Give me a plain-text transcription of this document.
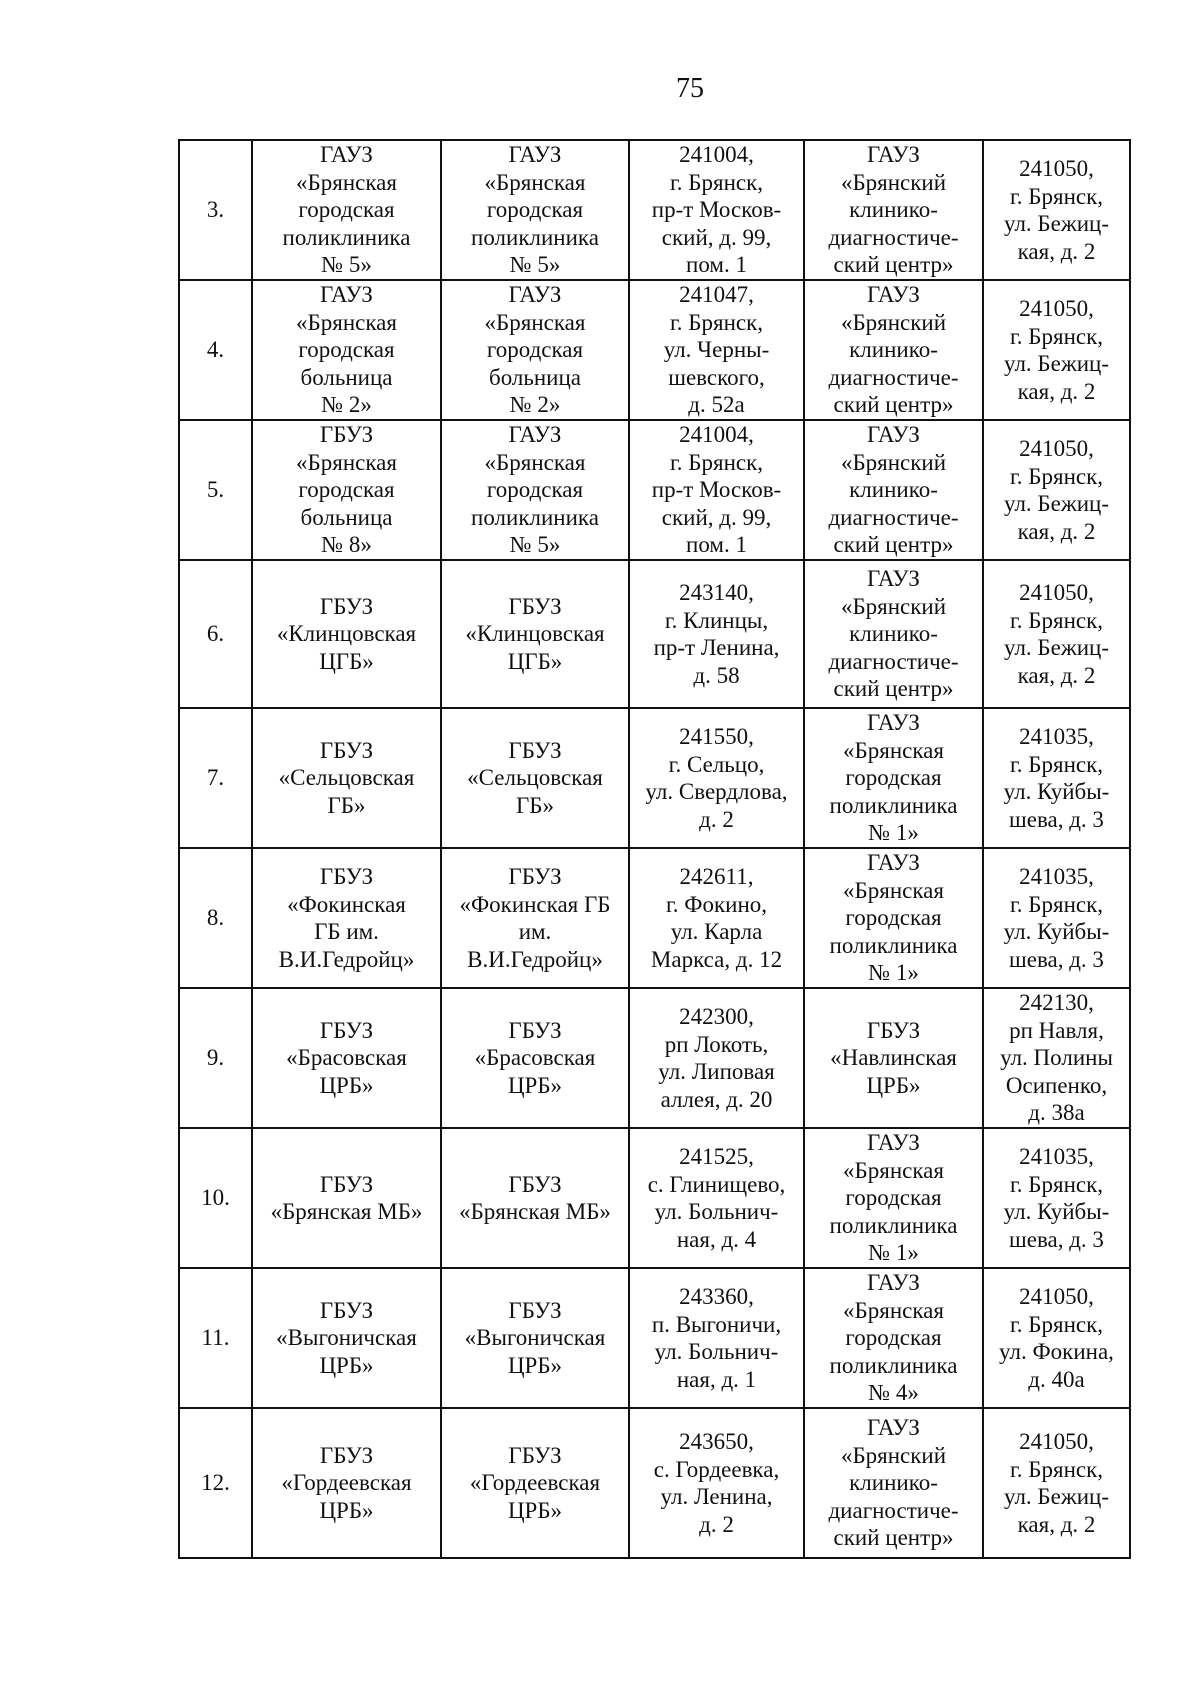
75
3.	ГАУЗ
«Брянская
городская
поликлиника
№ 5»	ГАУЗ
«Брянская
городская
поликлиника
№ 5»	241004,
г. Брянск,
пр-т Москов-
ский, д. 99,
пом. 1	ГАУЗ
«Брянский
клинико-
диагностиче-
ский центр»	241050,
г. Брянск,
ул. Бежиц-
кая, д. 2
4.	ГАУЗ
«Брянская
городская
больница
№ 2»	ГАУЗ
«Брянская
городская
больница
№ 2»	241047,
г. Брянск,
ул. Черны-
шевского,
д. 52а	ГАУЗ
«Брянский
клинико-
диагностиче-
ский центр»	241050,
г. Брянск,
ул. Бежиц-
кая, д. 2
5.	ГБУЗ
«Брянская
городская
больница
№ 8»	ГАУЗ
«Брянская
городская
поликлиника
№ 5»	241004,
г. Брянск,
пр-т Москов-
ский, д. 99,
пом. 1	ГАУЗ
«Брянский
клинико-
диагностиче-
ский центр»	241050,
г. Брянск,
ул. Бежиц-
кая, д. 2
6.	ГБУЗ
«Клинцовская
ЦГБ»	ГБУЗ
«Клинцовская
ЦГБ»	243140,
г. Клинцы,
пр-т Ленина,
д. 58	ГАУЗ
«Брянский
клинико-
диагностиче-
ский центр»	241050,
г. Брянск,
ул. Бежиц-
кая, д. 2
7.	ГБУЗ
«Сельцовская
ГБ»	ГБУЗ
«Сельцовская
ГБ»	241550,
г. Сельцо,
ул. Свердлова,
д. 2	ГАУЗ
«Брянская
городская
поликлиника
№ 1»	241035,
г. Брянск,
ул. Куйбы-
шева, д. 3
8.	ГБУЗ
«Фокинская
ГБ им.
В.И.Гедройц»	ГБУЗ
«Фокинская ГБ
им.
В.И.Гедройц»	242611,
г. Фокино,
ул. Карла
Маркса, д. 12	ГАУЗ
«Брянская
городская
поликлиника
№ 1»	241035,
г. Брянск,
ул. Куйбы-
шева, д. 3
9.	ГБУЗ
«Брасовская
ЦРБ»	ГБУЗ
«Брасовская
ЦРБ»	242300,
рп Локоть,
ул. Липовая
аллея, д. 20	ГБУЗ
«Навлинская
ЦРБ»	242130,
рп Навля,
ул. Полины
Осипенко,
д. 38а
10.	ГБУЗ
«Брянская МБ»	ГБУЗ
«Брянская МБ»	241525,
с. Глинищево,
ул. Больнич-
ная, д. 4	ГАУЗ
«Брянская
городская
поликлиника
№ 1»	241035,
г. Брянск,
ул. Куйбы-
шева, д. 3
11.	ГБУЗ
«Выгоничская
ЦРБ»	ГБУЗ
«Выгоничская
ЦРБ»	243360,
п. Выгоничи,
ул. Больнич-
ная, д. 1	ГАУЗ
«Брянская
городская
поликлиника
№ 4»	241050,
г. Брянск,
ул. Фокина,
д. 40а
12.	ГБУЗ
«Гордеевская
ЦРБ»	ГБУЗ
«Гордеевская
ЦРБ»	243650,
с. Гордеевка,
ул. Ленина,
д. 2	ГАУЗ
«Брянский
клинико-
диагностиче-
ский центр»	241050,
г. Брянск,
ул. Бежиц-
кая, д. 2
